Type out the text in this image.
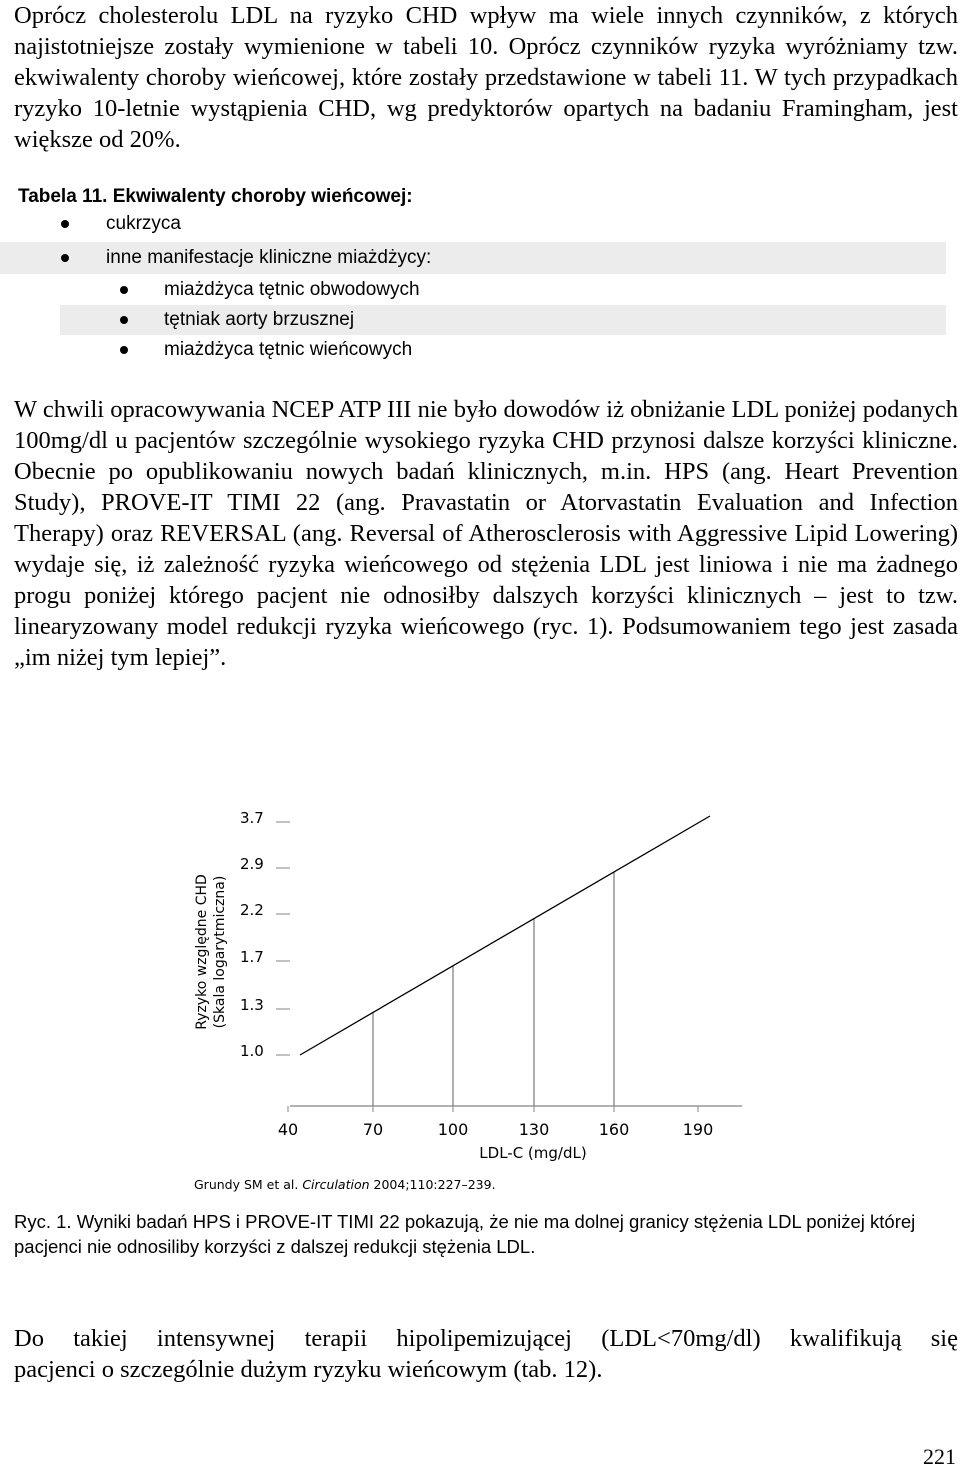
Oprócz cholesterolu LDL na ryzyko CHD wpływ ma wiele innych czynników, z których najistotniejsze zostały wymienione w tabeli 10. Oprócz czynników ryzyka wyróżniamy tzw. ekwiwalenty choroby wieńcowej, które zostały przedstawione w tabeli 11. W tych przypadkach ryzyko 10-letnie wystąpienia CHD, wg predyktorów opartych na badaniu Framingham, jest większe od 20%.

Tabela 11. Ekwiwalenty choroby wieńcowej:
cukrzyca
inne manifestacje kliniczne miażdżycy:
miażdżyca tętnic obwodowych
tętniak aorty brzusznej
miażdżyca tętnic wieńcowych

W chwili opracowywania NCEP ATP III nie było dowodów iż obniżanie LDL poniżej podanych 100mg/dl u pacjentów szczególnie wysokiego ryzyka CHD przynosi dalsze korzyści kliniczne. Obecnie po opublikowaniu nowych badań klinicznych, m.in. HPS (ang. Heart Prevention Study), PROVE-IT TIMI 22 (ang. Pravastatin or Atorvastatin Evaluation and Infection Therapy) oraz REVERSAL (ang. Reversal of Atherosclerosis with Aggressive Lipid Lowering) wydaje się, iż zależność ryzyka wieńcowego od stężenia LDL jest liniowa i nie ma żadnego progu poniżej którego pacjent nie odnosiłby dalszych korzyści klinicznych – jest to tzw. linearyzowany model redukcji ryzyka wieńcowego (ryc. 1). Podsumowaniem tego jest zasada „im niżej tym lepiej”.

1.0
1.3
1.7
2.2
2.9
3.7
40	70	100	130	160	190
LDL-C (mg/dL)
Ryzyko względne CHD (Skala logarytmiczna)
Grundy SM et al. Circulation 2004;110:227–239.

Ryc. 1. Wyniki badań HPS i PROVE-IT TIMI 22 pokazują, że nie ma dolnej granicy stężenia LDL poniżej której pacjenci nie odnosiliby korzyści z dalszej redukcji stężenia LDL.

Do takiej intensywnej terapii hipolipemizującej (LDL<70mg/dl) kwalifikują się
pacjenci o szczególnie dużym ryzyku wieńcowym (tab. 12).

221
